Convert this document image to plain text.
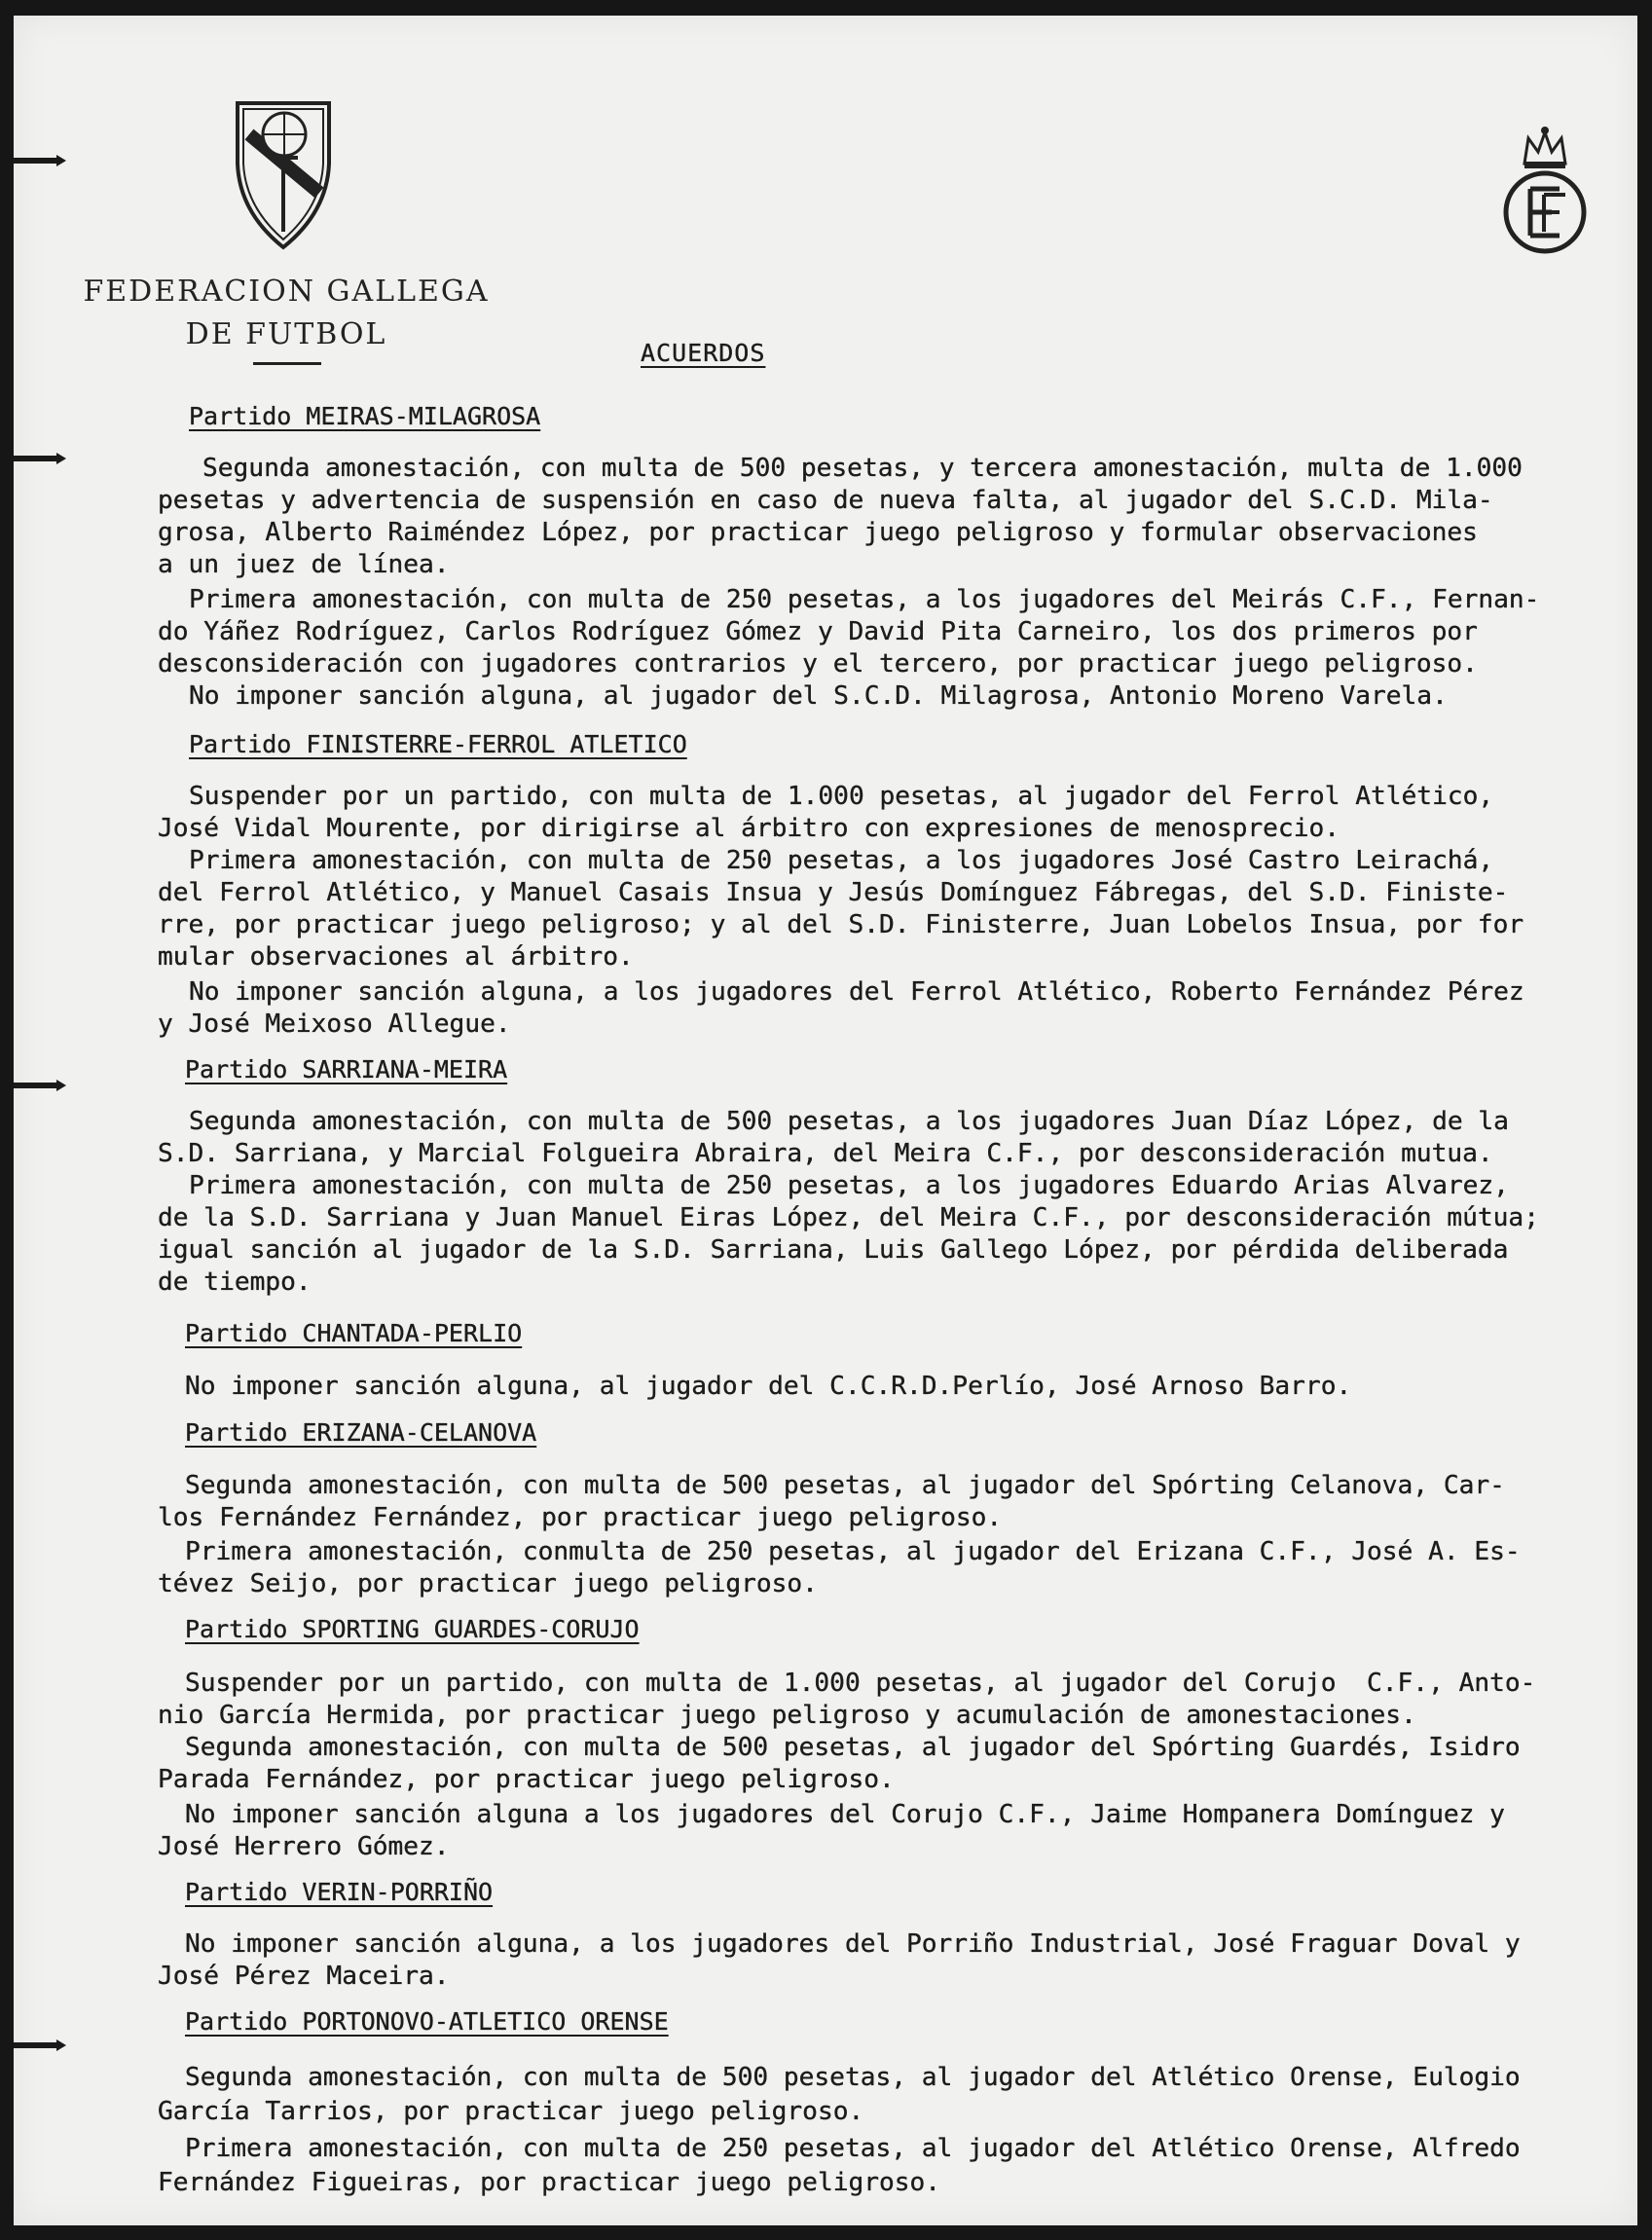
FEDERACION GALLEGA
DE FUTBOL
ACUERDOS
Partido MEIRAS-MILAGROSA
Segunda amonestación, con multa de 500 pesetas, y tercera amonestación, multa de 1.000
pesetas y advertencia de suspensión en caso de nueva falta, al jugador del S.C.D. Mila-
grosa, Alberto Raiméndez López, por practicar juego peligroso y formular observaciones
a un juez de línea.
Primera amonestación, con multa de 250 pesetas, a los jugadores del Meirás C.F., Fernan-
do Yáñez Rodríguez, Carlos Rodríguez Gómez y David Pita Carneiro, los dos primeros por
desconsideración con jugadores contrarios y el tercero, por practicar juego peligroso.
No imponer sanción alguna, al jugador del S.C.D. Milagrosa, Antonio Moreno Varela.
Partido FINISTERRE-FERROL ATLETICO
Suspender por un partido, con multa de 1.000 pesetas, al jugador del Ferrol Atlético,
José Vidal Mourente, por dirigirse al árbitro con expresiones de menosprecio.
Primera amonestación, con multa de 250 pesetas, a los jugadores José Castro Leirachá,
del Ferrol Atlético, y Manuel Casais Insua y Jesús Domínguez Fábregas, del S.D. Finiste-
rre, por practicar juego peligroso; y al del S.D. Finisterre, Juan Lobelos Insua, por for
mular observaciones al árbitro.
No imponer sanción alguna, a los jugadores del Ferrol Atlético, Roberto Fernández Pérez
y José Meixoso Allegue.
Partido SARRIANA-MEIRA
Segunda amonestación, con multa de 500 pesetas, a los jugadores Juan Díaz López, de la
S.D. Sarriana, y Marcial Folgueira Abraira, del Meira C.F., por desconsideración mutua.
Primera amonestación, con multa de 250 pesetas, a los jugadores Eduardo Arias Alvarez,
de la S.D. Sarriana y Juan Manuel Eiras López, del Meira C.F., por desconsideración mútua;
igual sanción al jugador de la S.D. Sarriana, Luis Gallego López, por pérdida deliberada
de tiempo.
Partido CHANTADA-PERLIO
No imponer sanción alguna, al jugador del C.C.R.D.Perlío, José Arnoso Barro.
Partido ERIZANA-CELANOVA
Segunda amonestación, con multa de 500 pesetas, al jugador del Spórting Celanova, Car-
los Fernández Fernández, por practicar juego peligroso.
Primera amonestación, conmulta de 250 pesetas, al jugador del Erizana C.F., José A. Es-
tévez Seijo, por practicar juego peligroso.
Partido SPORTING GUARDES-CORUJO
Suspender por un partido, con multa de 1.000 pesetas, al jugador del Corujo  C.F., Anto-
nio García Hermida, por practicar juego peligroso y acumulación de amonestaciones.
Segunda amonestación, con multa de 500 pesetas, al jugador del Spórting Guardés, Isidro
Parada Fernández, por practicar juego peligroso.
No imponer sanción alguna a los jugadores del Corujo C.F., Jaime Hompanera Domínguez y
José Herrero Gómez.
Partido VERIN-PORRIÑO
No imponer sanción alguna, a los jugadores del Porriño Industrial, José Fraguar Doval y
José Pérez Maceira.
Partido PORTONOVO-ATLETICO ORENSE
Segunda amonestación, con multa de 500 pesetas, al jugador del Atlético Orense, Eulogio
García Tarrios, por practicar juego peligroso.
Primera amonestación, con multa de 250 pesetas, al jugador del Atlético Orense, Alfredo
Fernández Figueiras, por practicar juego peligroso.
